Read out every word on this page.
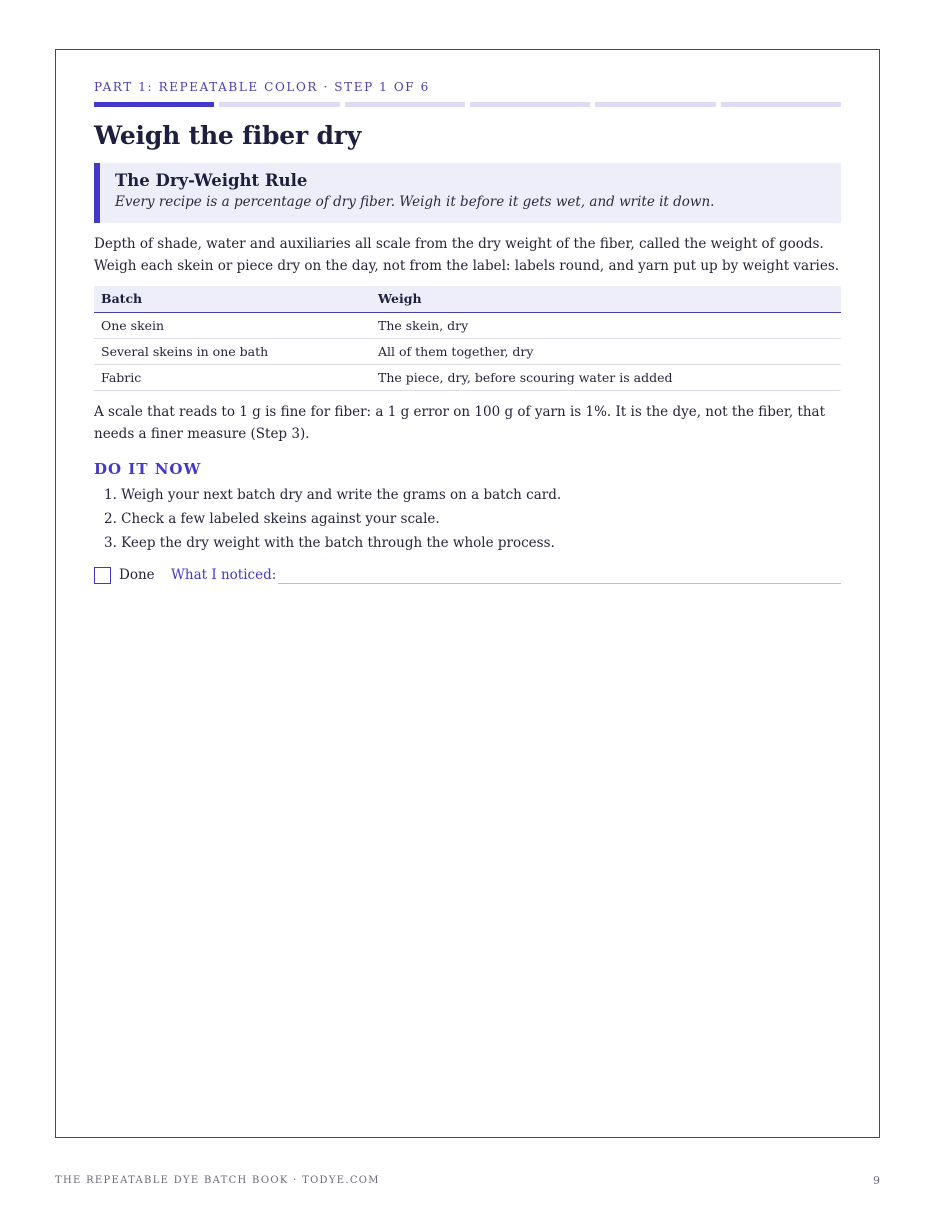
PART 1: REPEATABLE COLOR · STEP 1 OF 6
Weigh the fiber dry
The Dry-Weight Rule
Every recipe is a percentage of dry fiber. Weigh it before it gets wet, and write it down.

Depth of shade, water and auxiliaries all scale from the dry weight of the fiber, called the weight of goods. Weigh each skein or piece dry on the day, not from the label: labels round, and yarn put up by weight varies.

Batch	Weigh
One skein	The skein, dry
Several skeins in one bath	All of them together, dry
Fabric	The piece, dry, before scouring water is added

A scale that reads to 1 g is fine for fiber: a 1 g error on 100 g of yarn is 1%. It is the dye, not the fiber, that needs a finer measure (Step 3).

DO IT NOW
1. Weigh your next batch dry and write the grams on a batch card.
2. Check a few labeled skeins against your scale.
3. Keep the dry weight with the batch through the whole process.
Done What I noticed:
THE REPEATABLE DYE BATCH BOOK · TODYE.COM	9
